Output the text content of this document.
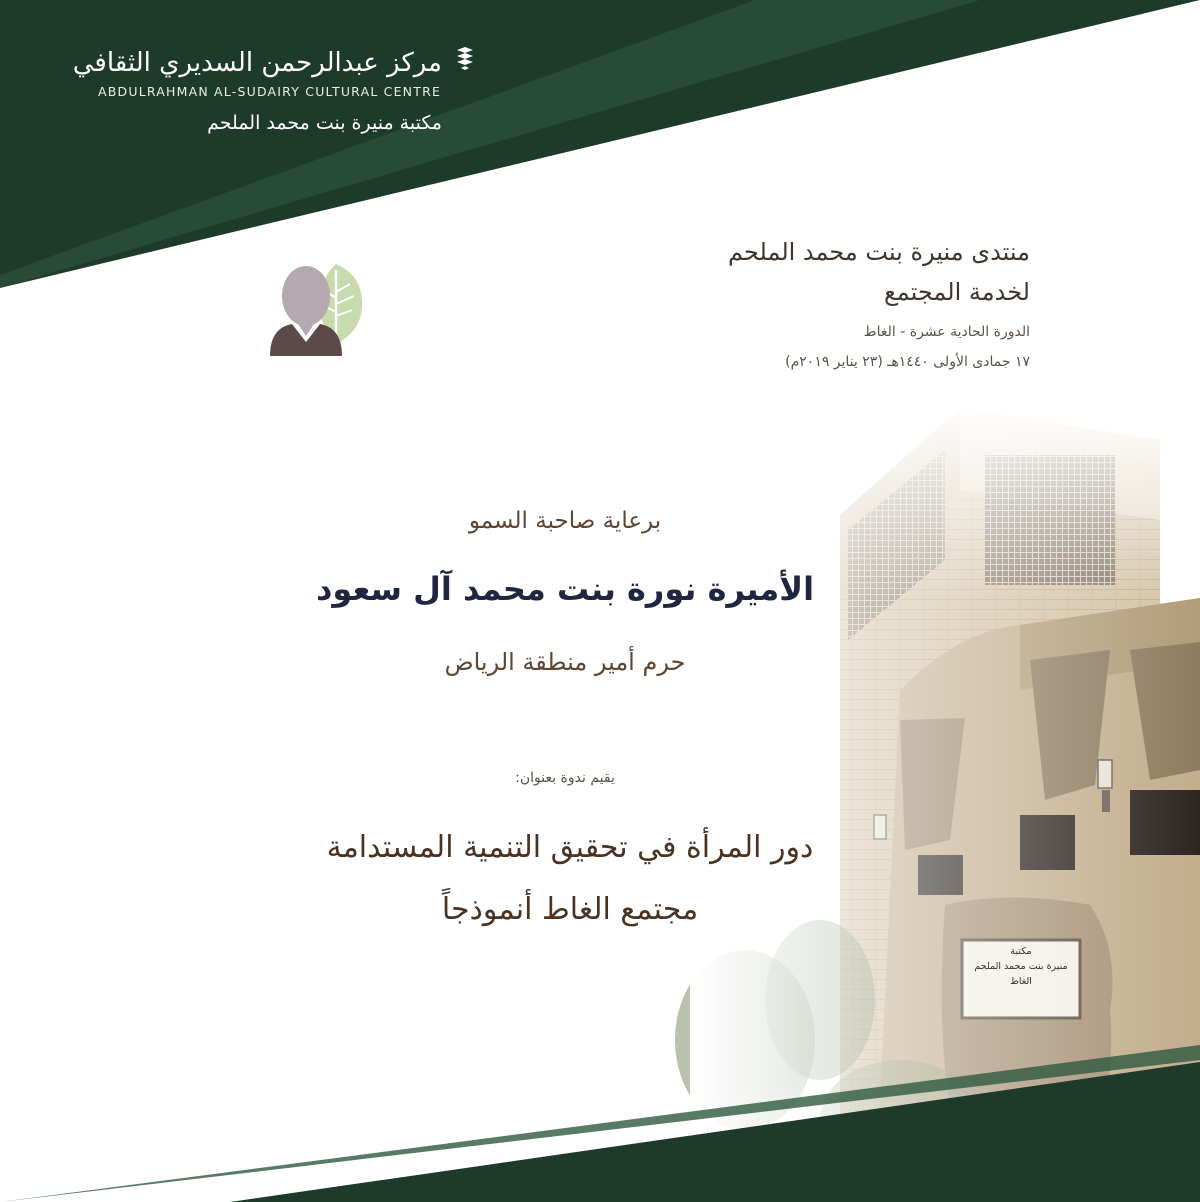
مركز عبدالرحمن السديري الثقافي
ABDULRAHMAN AL-SUDAIRY CULTURAL CENTRE
مكتبة منيرة بنت محمد الملحم
منتدى منيرة بنت محمد الملحم
لخدمة المجتمع
الدورة الحادية عشرة - الغاط
١٧ جمادى الأولى ١٤٤٠هـ (٢٣ يناير ٢٠١٩م)
برعاية صاحبة السمو
الأميرة نورة بنت محمد آل سعود
حرم أمير منطقة الرياض
يقيم ندوة بعنوان:
دور المرأة في تحقيق التنمية المستدامة
مجتمع الغاط أنموذجاً
مكتبة
منيرة بنت محمد الملحم
الغاط
